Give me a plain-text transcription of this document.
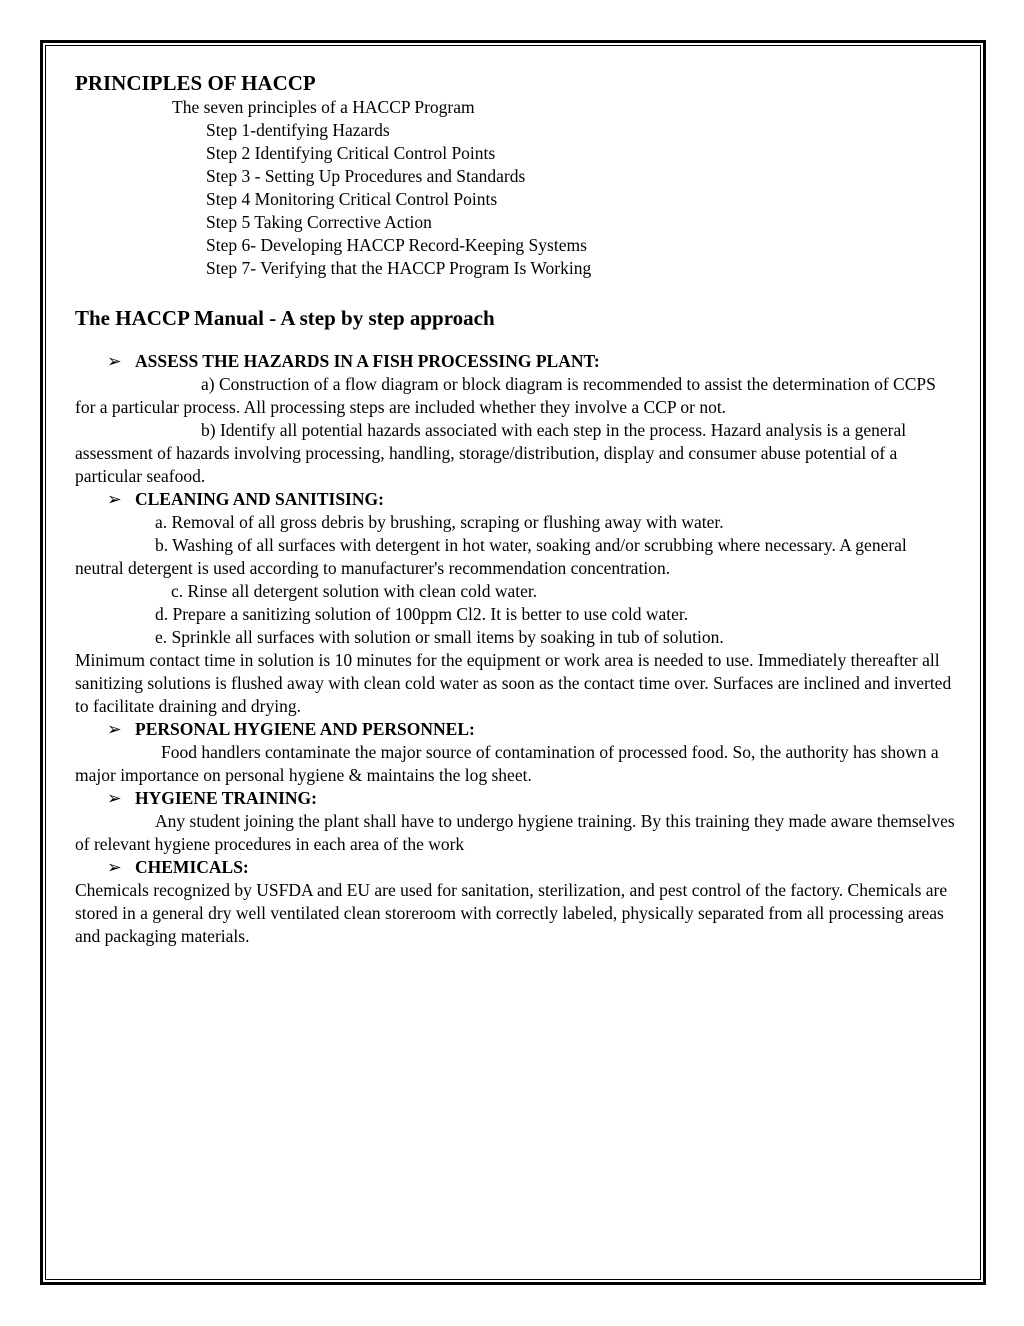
PRINCIPLES OF HACCP
The seven principles of a HACCP Program
Step 1-dentifying Hazards
Step 2 Identifying Critical Control Points
Step 3 - Setting Up Procedures and Standards
Step 4 Monitoring Critical Control Points
Step 5 Taking Corrective Action
Step 6- Developing HACCP Record-Keeping Systems
Step 7- Verifying that the HACCP Program Is Working
The HACCP Manual - A step by step approach
➢ ASSESS THE HAZARDS IN A FISH PROCESSING PLANT:

a) Construction of a flow diagram or block diagram is recommended to assist the determination of CCPS for a particular process. All processing steps are included whether they involve a CCP or not.

b) Identify all potential hazards associated with each step in the process. Hazard analysis is a general assessment of hazards involving processing, handling, storage/distribution, display and consumer abuse potential of a particular seafood.

➢ CLEANING AND SANITISING:
a. Removal of all gross debris by brushing, scraping or flushing away with water.

b. Washing of all surfaces with detergent in hot water, soaking and/or scrubbing where necessary. A general neutral detergent is used according to manufacturer's recommendation concentration.

c. Rinse all detergent solution with clean cold water.
d. Prepare a sanitizing solution of 100ppm Cl2. It is better to use cold water.
e. Sprinkle all surfaces with solution or small items by soaking in tub of solution.

Minimum contact time in solution is 10 minutes for the equipment or work area is needed to use. Immediately thereafter all sanitizing solutions is flushed away with clean cold water as soon as the contact time over. Surfaces are inclined and inverted to facilitate draining and drying.

➢ PERSONAL HYGIENE AND PERSONNEL:

Food handlers contaminate the major source of contamination of processed food. So, the authority has shown a major importance on personal hygiene & maintains the log sheet.

➢ HYGIENE TRAINING:

Any student joining the plant shall have to undergo hygiene training. By this training they made aware themselves of relevant hygiene procedures in each area of the work

➢ CHEMICALS:

Chemicals recognized by USFDA and EU are used for sanitation, sterilization, and pest control of the factory. Chemicals are stored in a general dry well ventilated clean storeroom with correctly labeled, physically separated from all processing areas and packaging materials.
